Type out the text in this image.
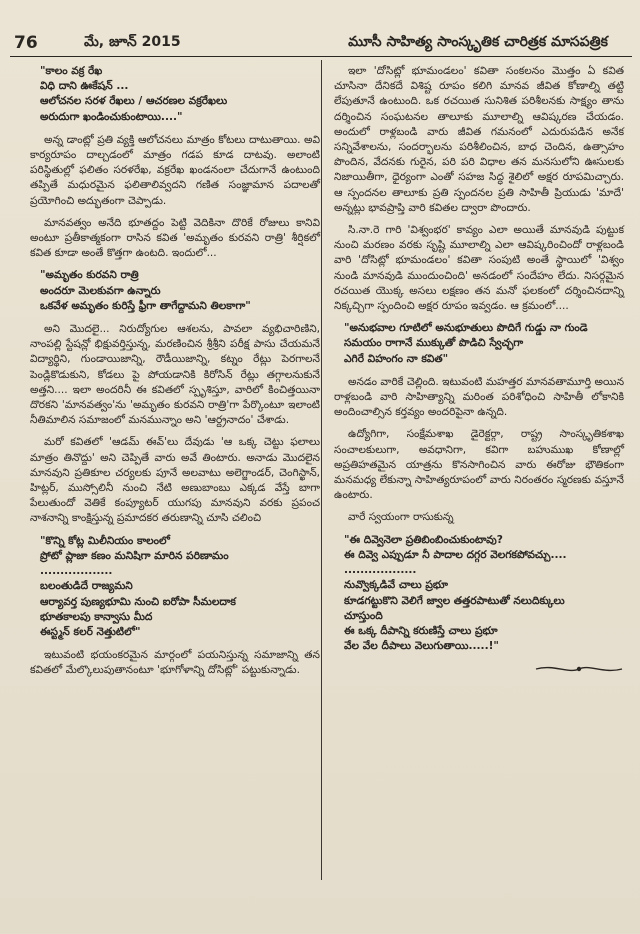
76	మే, జూన్ 2015	మూసీ సాహిత్య సాంస్కృతిక చారిత్రక మాసపత్రిక
"కాలం వక్ర రేఖ
విధి దాని ఊకేషన్ ...
ఆలోచనల సరళ రేఖలు / ఆచరణల వక్రరేఖలు
అరుదుగా ఖండించుకుంటాయి...."

అన్న డాంట్లో ప్రతి వ్యక్తి ఆలోచనలు మాత్రం కోటలు దాటుతాయి. అవి కార్యరూపం దాల్చడంలో మాత్రం గడప కూడ దాటవు. అలాంటి పరిస్థితుల్లో ఫలితం సరళరేఖ, వక్రరేఖ ఖండనంలా చేదుగానే ఉంటుంది తప్పితే మధురమైన ఫలితాలివ్వదని గణిత సంజ్ఞామాన పదాలతో ప్రయోగించి అద్భుతంగా చెప్పాడు.

మానవత్వం అనేది భూతద్దం పెట్టి వెదికినా దొరికే రోజులు కానివి అంటూ ప్రతీకాత్మకంగా రాసిన కవిత 'అమృతం కురవని రాత్రి' శీర్షికలో కవిత కూడా అంతే కొత్తగా ఉంటది. ఇందులో...

"అమృతం కురవని రాత్రి
అందరూ మెలకువగా ఉన్నారు
ఒకవేళ అమృతం కురిస్తే ఫ్రీగా తాగేద్దామని తిలకాగా"

అని మొదలై... నిరుద్యోగుల ఆశలను, పావలా వ్యభిచారిణిని, నాంపల్లి స్టేషన్లో భిక్షువర్తిస్తున్న, మరణించిన శ్రీశ్రీని పరీక్ష పాసు చేయమనే విద్యార్థిని, గుండాయిజాన్ని, రౌడీయిజాన్ని, కట్నం రేట్లు పెరగాలనే పెండ్లికొడుకుని, కోడలు పై పోయడానికి కిరోసిన్ రేట్లు తగ్గాలనుకునే అత్తని.... ఇలా అందరినీ ఈ కవితలో స్పృశిస్తూ, వారిలో కించిత్తయినా దొరకని 'మానవత్వం'ను 'అమృతం కురవని రాత్రి'గా పేర్కొంటూ ఇలాంటి నీతిమాలిన సమాజంలో మనమున్నాం అని 'ఆర్ద్రనాదం' చేశాడు.

మరో కవితలో 'ఆడమ్ ఈవ్'లు దేవుడు 'ఆ ఒక్క చెట్టు ఫలాలు మాత్రం తినొద్దు' అని చెప్పితే వారు అవే తింటారు. అనాడు మొదలైన మానవుని ప్రతికూల చర్యలకు పూనే అలవాటు అలెగ్జాండర్, చెంగిస్ఖాన్, హిట్లర్, ముస్సోలినీ నుంచి నేటి అణుబాంబు ఎక్కడ వేస్తే బాగా పేలుతుందో వెతికే కంప్యూటర్ యుగపు మానవుని వరకు ప్రపంచ నాశనాన్ని కాంక్షిస్తున్న ప్రమాదకర తరుణాన్ని చూసి చలించి

"కొన్ని కోట్ల మిలీనియం కాలంలో
ప్రోటో ప్లాజా కణం మనిషిగా మారిన పరిణామం
..................
బలంతుడిదే రాజ్యమని
ఆర్యావర్త పుణ్యభూమి నుంచి ఐరోపా సీమలదాక
భూతకాలపు కాన్వాసు మీద
ఈస్ట్మన్ కలర్ నెత్తుటిలో"

ఇటువంటి భయంకరమైన మార్గంలో పయనిస్తున్న సమాజాన్ని తన కవితలో మేల్కొలుపుతానంటూ 'భూగోళాన్ని దోసిట్లో' పట్టుకున్నాడు.

ఇలా 'దోసిట్లో భూమండలం' కవితా సంకలనం మొత్తం ఏ కవిత చూసినా దేనికదే విశిష్ట రూపం కలిగి మానవ జీవిత కోణాల్ని తట్టి లేపుతూనే ఉంటుంది. ఒక రచయిత సునిశిత పరిశీలనకు సాక్ష్యం తాను దర్శించిన సంఘటనల తాలూకు మూలాల్ని ఆవిష్కరణ చేయడం. అందులో రాళ్లబండి వారు జీవిత గమనంలో ఎదురుపడిన అనేక సన్నివేశాలను, సందర్భాలను పరిశీలించిన, బాధ చెందిన, ఉత్సాహం పొందిన, వేదనకు గురైన, పరి పరి విధాల తన మనసులోని ఊసులకు నిజాయితీగా, ధైర్యంగా ఎంతో సహజ సిద్ధ శైలిలో అక్షర రూపమిచ్చారు. ఆ స్పందనల తాలూకు ప్రతి స్పందనల ప్రతి సాహితీ ప్రియుడు 'మాదే' అన్నట్లు భావప్రాప్తి వారి కవితల ద్వారా పొందారు.

సి.నా.రె గారి 'విశ్వంభర' కావ్యం ఎలా అయితే మానవుడి పుట్టుక నుంచి మరణం వరకు సృష్టి మూలాల్ని ఎలా ఆవిష్కరించిందో రాళ్లబండి వారి 'దోసిట్లో భూమండలం' కవితా సంపుటి అంతే స్థాయిలో 'విశ్వం నుండి మానవుడి ముందుంచింది' అనడంలో సందేహం లేదు. నిసర్గమైన రచయిత యొక్క అసలు లక్షణం తన మనో ఫలకంలో దర్శించినదాన్ని నిక్కచ్చిగా స్పందించి అక్షర రూపం ఇవ్వడం. ఆ క్రమంలో....

"అనుభవాల గూటిలో అనుభూతులు పొదిగే గుడ్డు నా గుండె
సమయం రాగానే ముక్కుతో పొడిచి స్వేచ్ఛగా
ఎగిరే విహంగం నా కవిత"

అనడం వారికే చెల్లింది. ఇటువంటి మహత్తర మానవతామూర్తి అయిన రాళ్లబండి వారి సాహిత్యాన్ని మరింత పరిశోధించి సాహితీ లోకానికి అందించాల్సిన కర్తవ్యం అందరిపైనా ఉన్నది.

ఉద్యోగిగా, సంక్షేమశాఖ డైరెక్టర్గా, రాష్ట్ర సాంస్కృతికశాఖ సంచాలకులుగా, అవధానిగా, కవిగా బహుముఖ కోణాల్లో అప్రతిహతమైన యాత్రను కొనసాగించిన వారు ఈరోజు భౌతికంగా మనమధ్య లేకున్నా సాహిత్యరూపంలో వారు నిరంతరం స్మరణకు వస్తూనే ఉంటారు.

వారే స్వయంగా రాసుకున్న

"ఈ దివ్వెనెలా ప్రతిబింబించుకుంటావు?
ఈ దివ్వె ఎప్పుడూ నీ పాదాల దగ్గర వెలగకపోవచ్చు....
..................
నువ్వొక్కడివే చాలు ప్రభూ
కూడగట్టుకొని వెలిగే జ్వాల తత్తరపాటుతో నలుదిక్కులు
చూస్తుంది
ఈ ఒక్క దీపాన్ని కరుణిస్తే చాలు ప్రభూ
వేల వేల దీపాలు వెలుగుతాయి.....!"
